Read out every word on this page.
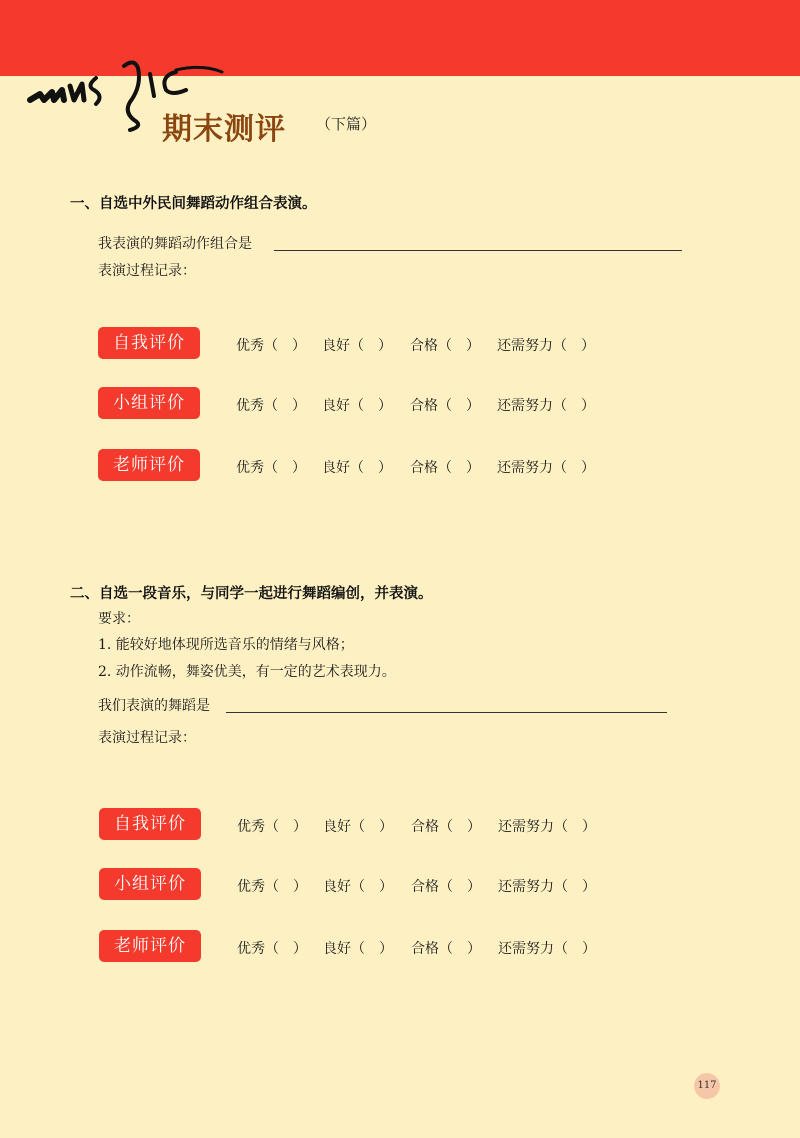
期末测评 （下篇）
一、自选中外民间舞蹈动作组合表演。
我表演的舞蹈动作组合是
表演过程记录：
自我评价	优秀（　） 良好（　） 合格（　） 还需努力（　）
小组评价	优秀（　） 良好（　） 合格（　） 还需努力（　）
老师评价	优秀（　） 良好（　） 合格（　） 还需努力（　）
二、自选一段音乐，与同学一起进行舞蹈编创，并表演。
要求：
1. 能较好地体现所选音乐的情绪与风格；
2. 动作流畅，舞姿优美，有一定的艺术表现力。
我们表演的舞蹈是
表演过程记录：
自我评价	优秀（　） 良好（　） 合格（　） 还需努力（　）
小组评价	优秀（　） 良好（　） 合格（　） 还需努力（　）
老师评价	优秀（　） 良好（　） 合格（　） 还需努力（　）
117
